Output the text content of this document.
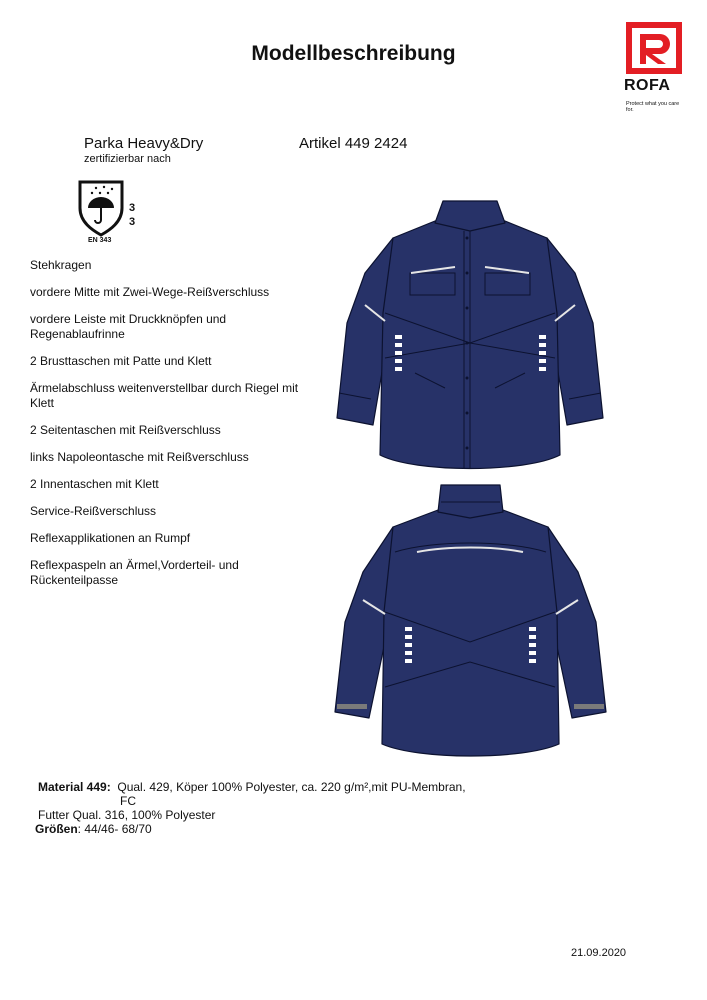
Modellbeschreibung
ROFA
Protect what you care for.
Parka Heavy&Dry	Artikel 449 2424
zertifizierbar nach
3
3
EN 343
Stehkragen
vordere Mitte mit Zwei-Wege-Reißverschluss
vordere Leiste mit Druckknöpfen und Regenablaufrinne
2 Brusttaschen mit Patte und Klett
Ärmelabschluss weitenverstellbar durch Riegel mit Klett
2 Seitentaschen mit Reißverschluss
links Napoleontasche mit Reißverschluss
2 Innentaschen mit Klett
Service-Reißverschluss
Reflexapplikationen an Rumpf
Reflexpaspeln an Ärmel,Vorderteil- und Rückenteilpasse
Material 449: Qual. 429, Köper 100% Polyester, ca. 220 g/m²,mit PU-Membran,
FC
Futter Qual. 316, 100% Polyester
Größen: 44/46- 68/70
21.09.2020
